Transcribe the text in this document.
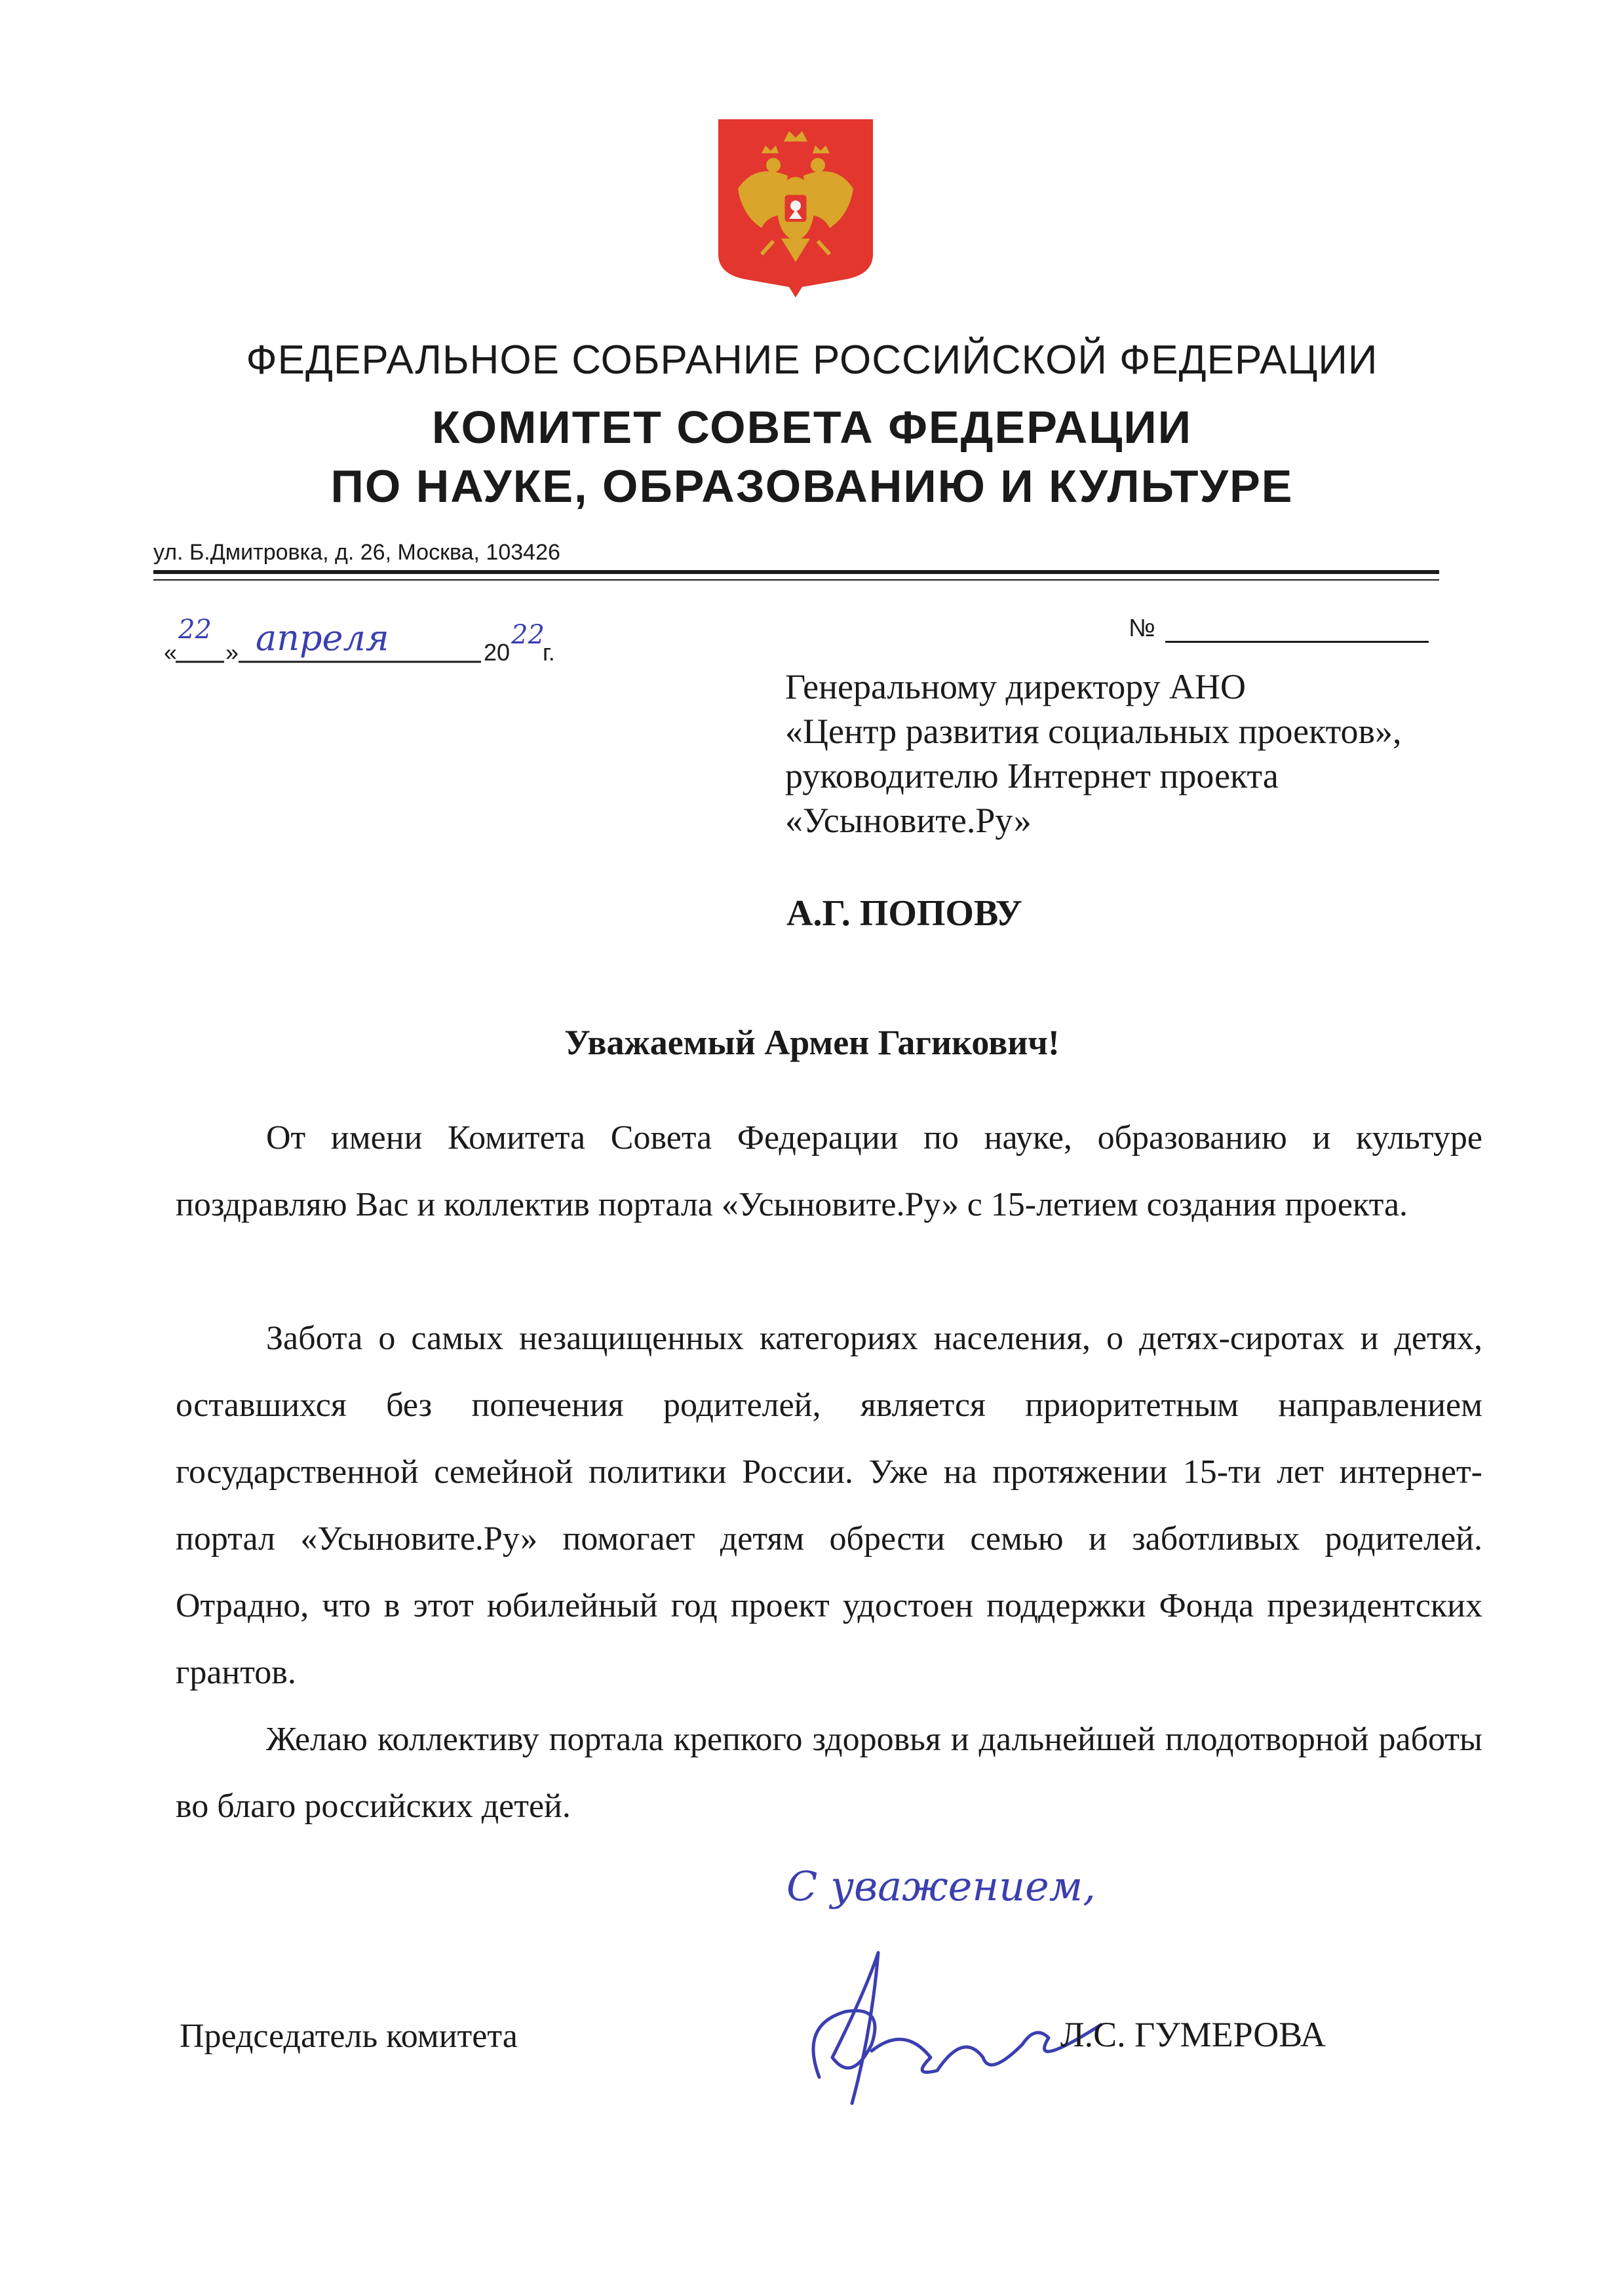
ФЕДЕРАЛЬНОЕ СОБРАНИЕ РОССИЙСКОЙ ФЕДЕРАЦИИ
КОМИТЕТ СОВЕТА ФЕДЕРАЦИИ
ПО НАУКЕ, ОБРАЗОВАНИЮ И КУЛЬТУРЕ
ул. Б.Дмитровка, д. 26, Москва, 103426
« »	20 г.
22 апреля	22	№
Генеральному директору АНО
«Центр развития социальных проектов»,
руководителю Интернет проекта
«Усыновите.Ру»
А.Г. ПОПОВУ
Уважаемый Армен Гагикович!
От имени Комитета Совета Федерации по науке, образованию и культуре поздравляю Вас и коллектив портала «Усыновите.Ру» с 15-летием создания проекта.
Забота о самых незащищенных категориях населения, о детях-сиротах и детях, оставшихся без попечения родителей, является приоритетным направлением государственной семейной политики России. Уже на протяжении 15-ти лет интернет-портал «Усыновите.Ру» помогает детям обрести семью и заботливых родителей. Отрадно, что в этот юбилейный год проект удостоен поддержки Фонда президентских грантов.
Желаю коллективу портала крепкого здоровья и дальнейшей плодотворной работы во благо российских детей.
С уважением,
Председатель комитета	Л.С. ГУМЕРОВА
